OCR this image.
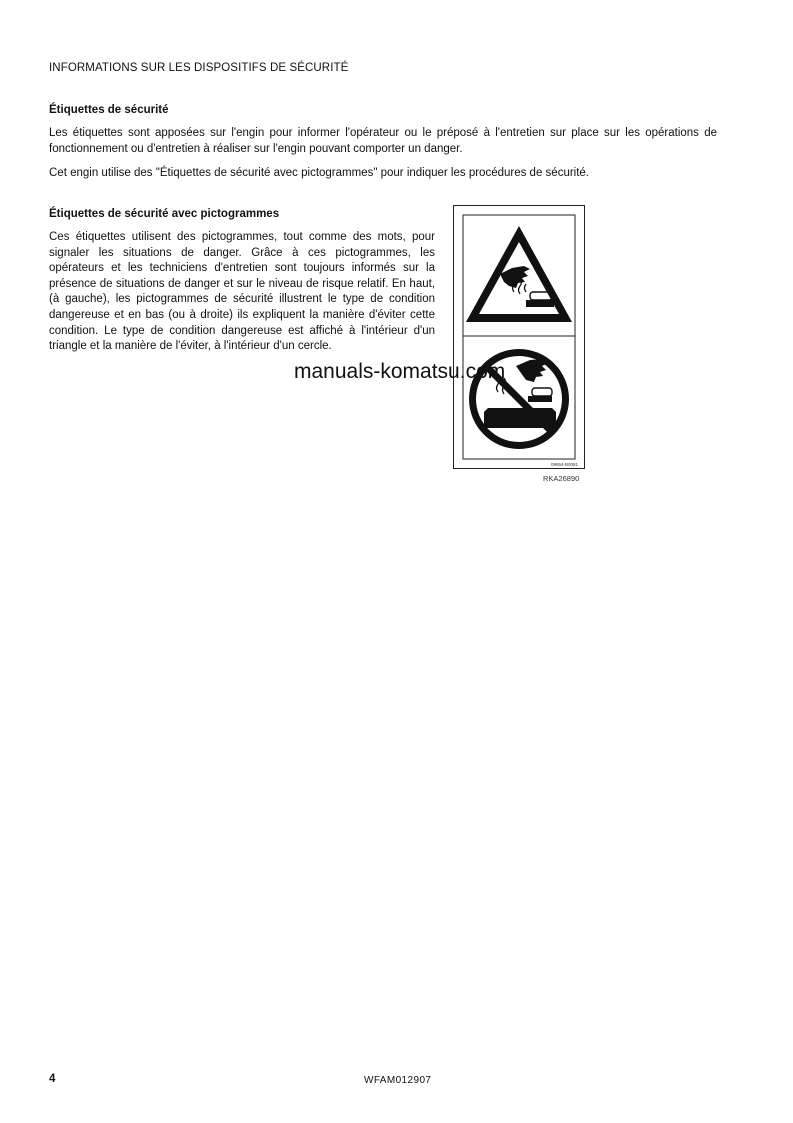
INFORMATIONS SUR LES DISPOSITIFS DE SÉCURITÉ
Étiquettes de sécurité

Les étiquettes sont apposées sur l'engin pour informer l'opérateur ou le préposé à l'entretien sur place sur les opérations de fonctionnement ou d'entretien à réaliser sur l'engin pouvant comporter un danger.

Cet engin utilise des "Étiquettes de sécurité avec pictogrammes" pour indiquer les procédures de sécurité.

Étiquettes de sécurité avec pictogrammes

Ces étiquettes utilisent des pictogrammes, tout comme des mots, pour signaler les situations de danger. Grâce à ces pictogrammes, les opérateurs et les techniciens d'entretien sont toujours informés sur la présence de situations de danger et sur le niveau de risque relatif. En haut, (à gauche), les pictogrammes de sécurité illustrent le type de condition dangereuse et en bas (ou à droite) ils expliquent la manière d'éviter cette condition. Le type de condition dangereuse est affiché à l'intérieur d'un triangle et la manière de l'éviter, à l'intérieur d'un cercle.

09654-B0081
RKA26890
manuals-komatsu.com
4	WFAM012907
